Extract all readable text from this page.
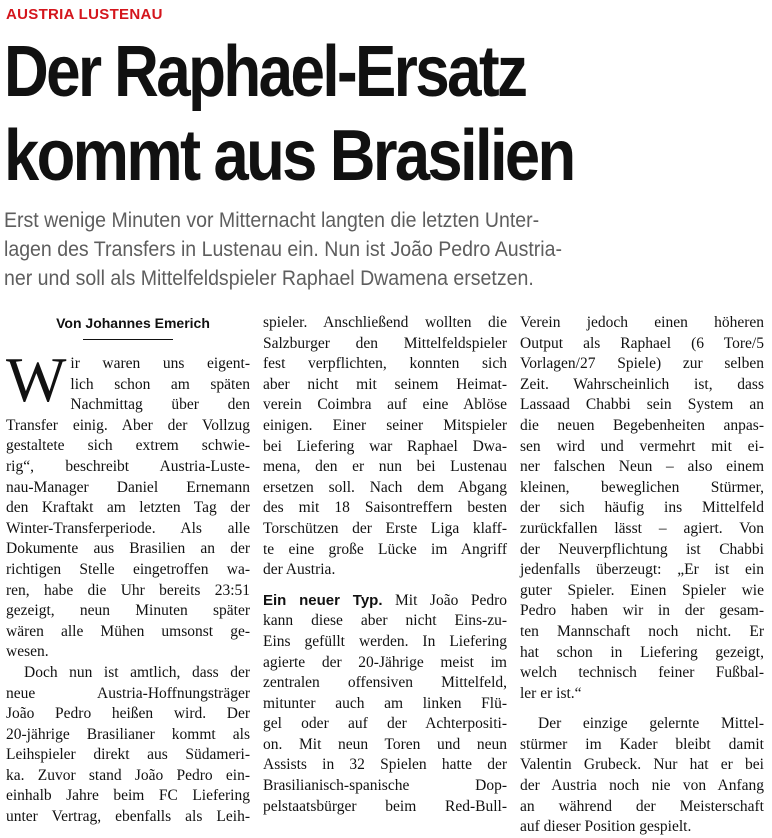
AUSTRIA LUSTENAU
Der Raphael-Ersatz
kommt aus Brasilien
Erst wenige Minuten vor Mitternacht langten die letzten Unter-
lagen des Transfers in Lustenau ein. Nun ist João Pedro Austria-
ner und soll als Mittelfeldspieler Raphael Dwamena ersetzen.
Von Johannes Emerich
W ir waren uns eigent-
lich schon am späten
Nachmittag über den
Transfer einig. Aber der Vollzug
gestaltete sich extrem schwie-
rig“, beschreibt Austria-Luste-
nau-Manager Daniel Ernemann
den Kraftakt am letzten Tag der
Winter-Transferperiode. Als alle
Dokumente aus Brasilien an der
richtigen Stelle eingetroffen wa-
ren, habe die Uhr bereits 23:51
gezeigt, neun Minuten später
wären alle Mühen umsonst ge-
wesen.
Doch nun ist amtlich, dass der
neue Austria-Hoffnungsträger
João Pedro heißen wird. Der
20-jährige Brasilianer kommt als
Leihspieler direkt aus Südameri-
ka. Zuvor stand João Pedro ein-
einhalb Jahre beim FC Liefering
unter Vertrag, ebenfalls als Leih-
spieler. Anschließend wollten die
Salzburger den Mittelfeldspieler
fest verpflichten, konnten sich
aber nicht mit seinem Heimat-
verein Coimbra auf eine Ablöse
einigen. Einer seiner Mitspieler
bei Liefering war Raphael Dwa-
mena, den er nun bei Lustenau
ersetzen soll. Nach dem Abgang
des mit 18 Saisontreffern besten
Torschützen der Erste Liga klaff-
te eine große Lücke im Angriff
der Austria.
Ein neuer Typ. Mit João Pedro
kann diese aber nicht Eins-zu-
Eins gefüllt werden. In Liefering
agierte der 20-Jährige meist im
zentralen offensiven Mittelfeld,
mitunter auch am linken Flü-
gel oder auf der Achterpositi-
on. Mit neun Toren und neun
Assists in 32 Spielen hatte der
Brasilianisch-spanische Dop-
pelstaatsbürger beim Red-Bull-
Verein jedoch einen höheren
Output als Raphael (6 Tore/5
Vorlagen/27 Spiele) zur selben
Zeit. Wahrscheinlich ist, dass
Lassaad Chabbi sein System an
die neuen Begebenheiten anpas-
sen wird und vermehrt mit ei-
ner falschen Neun – also einem
kleinen, beweglichen Stürmer,
der sich häufig ins Mittelfeld
zurückfallen lässt – agiert. Von
der Neuverpflichtung ist Chabbi
jedenfalls überzeugt: „Er ist ein
guter Spieler. Einen Spieler wie
Pedro haben wir in der gesam-
ten Mannschaft noch nicht. Er
hat schon in Liefering gezeigt,
welch technisch feiner Fußbal-
ler er ist.“
Der einzige gelernte Mittel-
stürmer im Kader bleibt damit
Valentin Grubeck. Nur hat er bei
der Austria noch nie von Anfang
an während der Meisterschaft
auf dieser Position gespielt.
